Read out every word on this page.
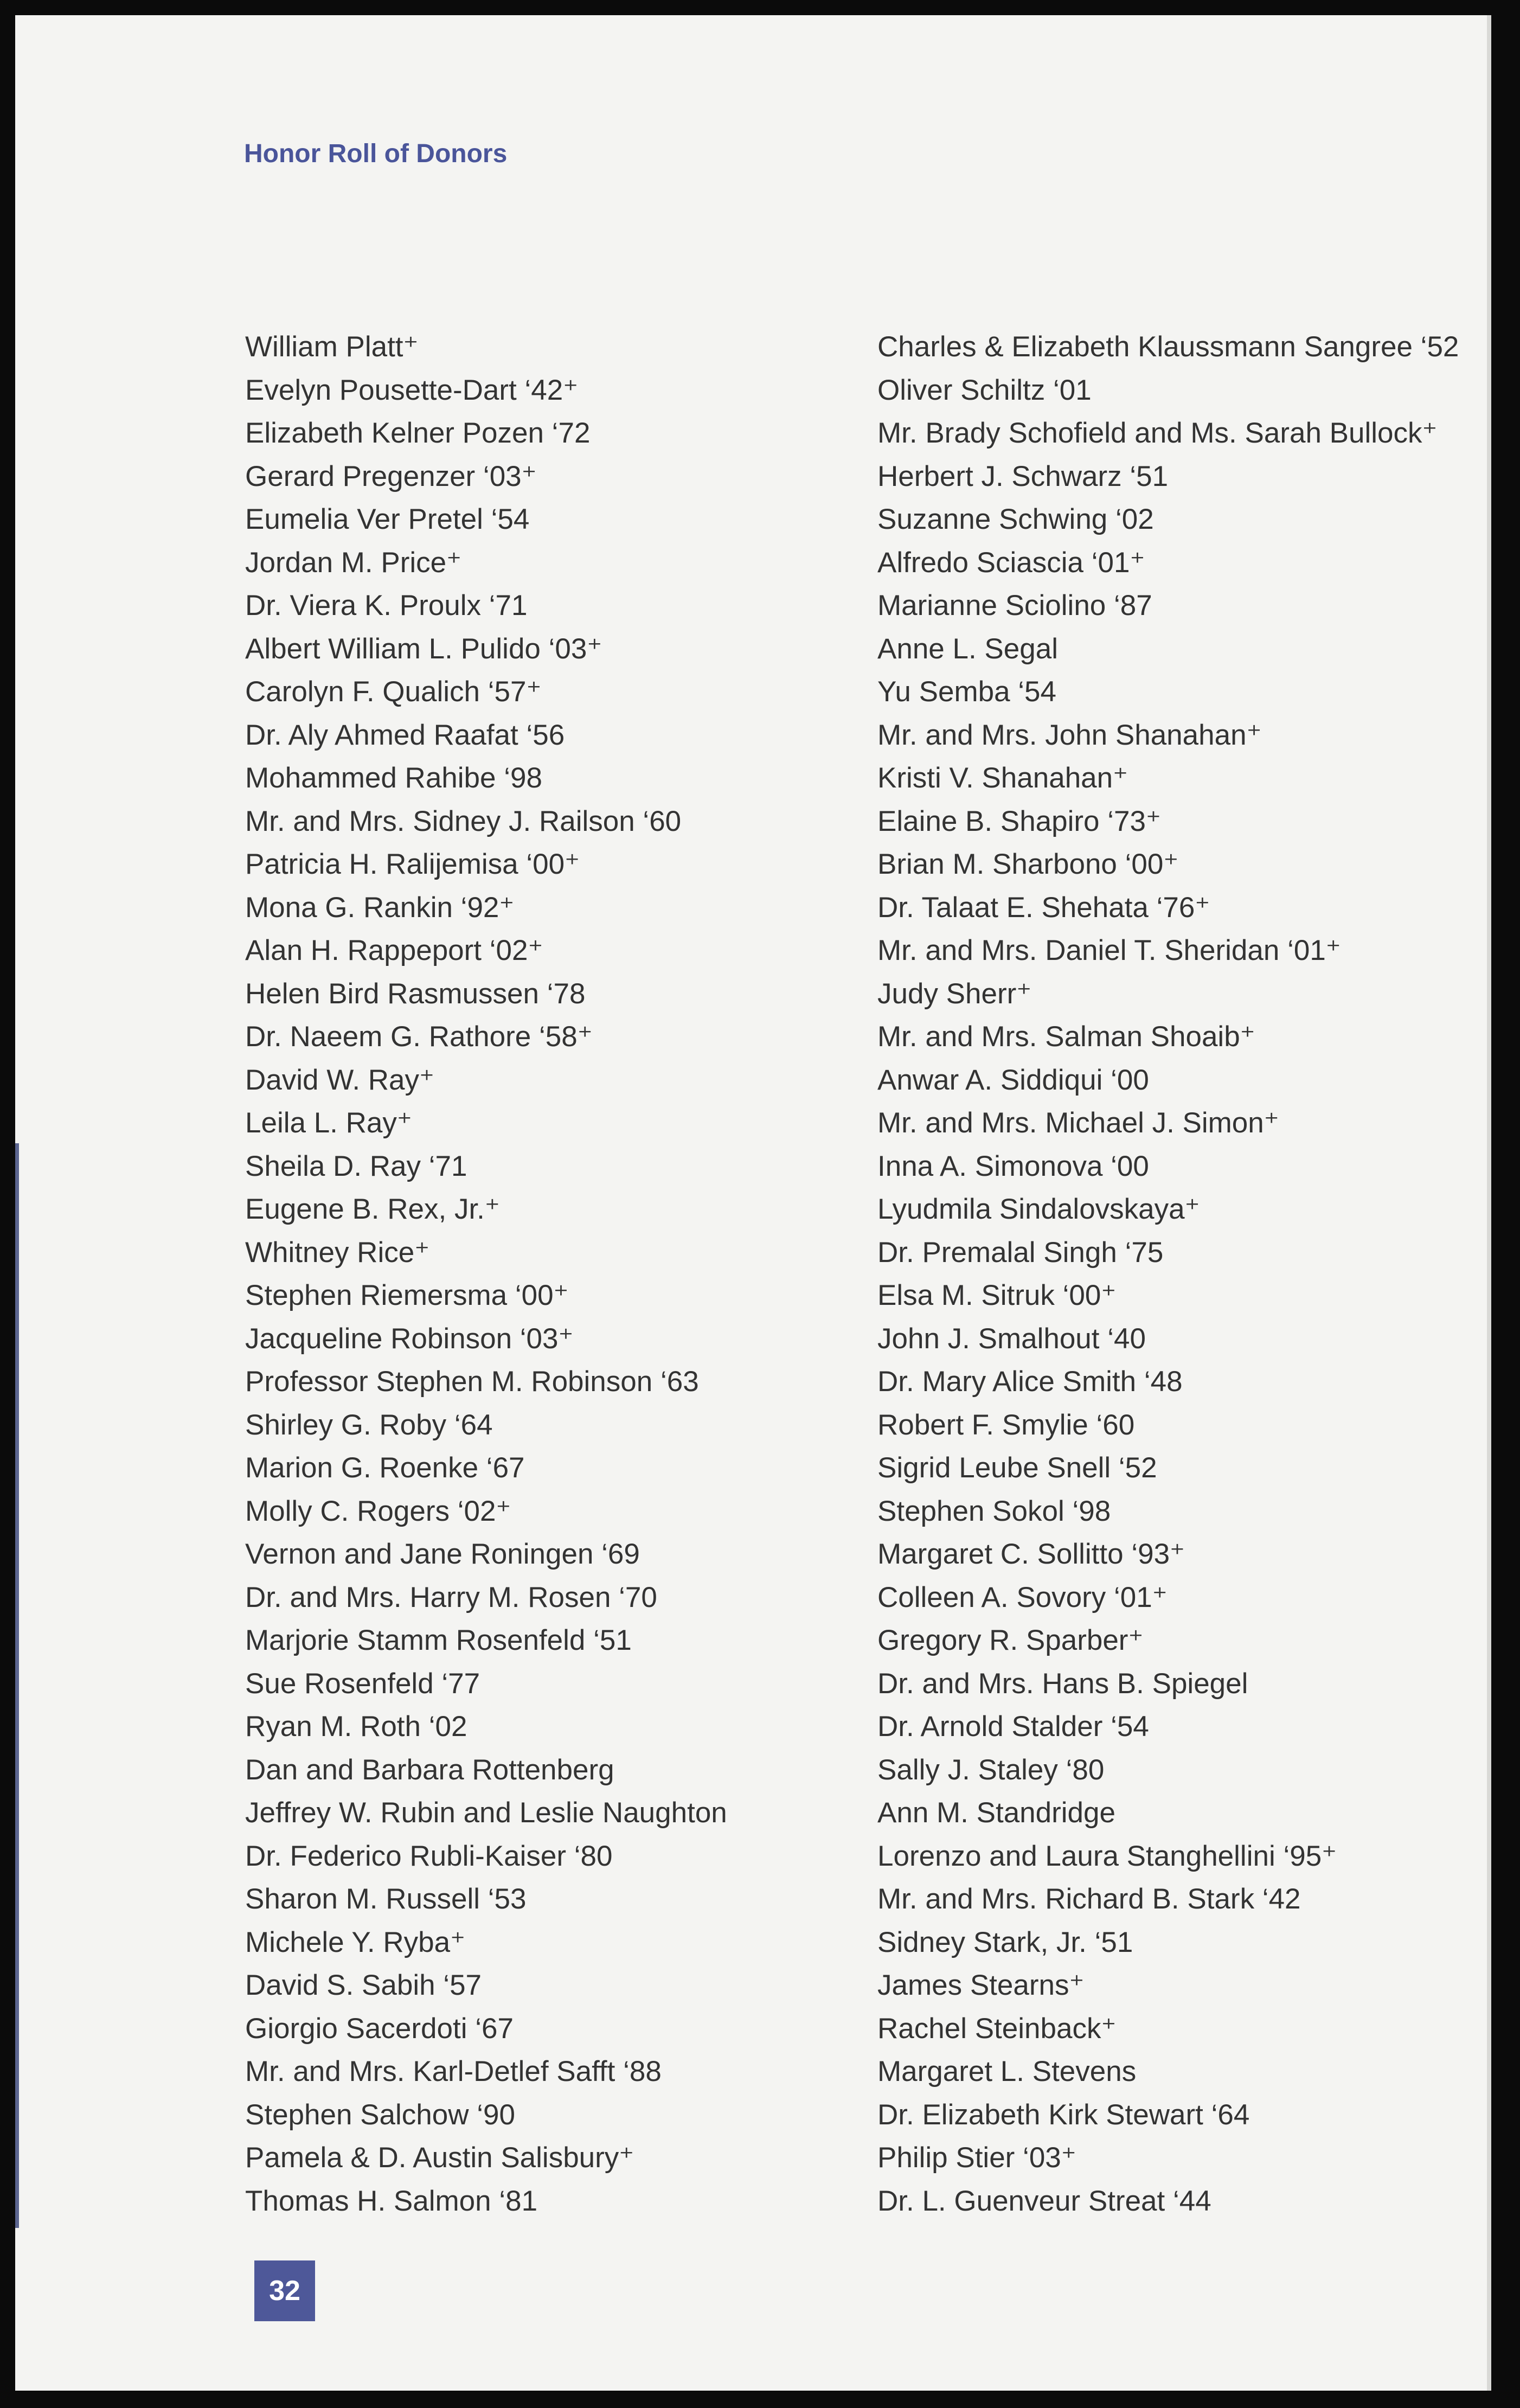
Honor Roll of Donors
William Platt⁺
Evelyn Pousette-Dart ‘42⁺
Elizabeth Kelner Pozen ‘72
Gerard Pregenzer ‘03⁺
Eumelia Ver Pretel ‘54
Jordan M. Price⁺
Dr. Viera K. Proulx ‘71
Albert William L. Pulido ‘03⁺
Carolyn F. Qualich ‘57⁺
Dr. Aly Ahmed Raafat ‘56
Mohammed Rahibe ‘98
Mr. and Mrs. Sidney J. Railson ‘60
Patricia H. Ralijemisa ‘00⁺
Mona G. Rankin ‘92⁺
Alan H. Rappeport ‘02⁺
Helen Bird Rasmussen ‘78
Dr. Naeem G. Rathore ‘58⁺
David W. Ray⁺
Leila L. Ray⁺
Sheila D. Ray ‘71
Eugene B. Rex, Jr.⁺
Whitney Rice⁺
Stephen Riemersma ‘00⁺
Jacqueline Robinson ‘03⁺
Professor Stephen M. Robinson ‘63
Shirley G. Roby ‘64
Marion G. Roenke ‘67
Molly C. Rogers ‘02⁺
Vernon and Jane Roningen ‘69
Dr. and Mrs. Harry M. Rosen ‘70
Marjorie Stamm Rosenfeld ‘51
Sue Rosenfeld ‘77
Ryan M. Roth ‘02
Dan and Barbara Rottenberg
Jeffrey W. Rubin and Leslie Naughton
Dr. Federico Rubli-Kaiser ‘80
Sharon M. Russell ‘53
Michele Y. Ryba⁺
David S. Sabih ‘57
Giorgio Sacerdoti ‘67
Mr. and Mrs. Karl-Detlef Safft ‘88
Stephen Salchow ‘90
Pamela & D. Austin Salisbury⁺
Thomas H. Salmon ‘81
Charles & Elizabeth Klaussmann Sangree ‘52
Oliver Schiltz ‘01
Mr. Brady Schofield and Ms. Sarah Bullock⁺
Herbert J. Schwarz ‘51
Suzanne Schwing ‘02
Alfredo Sciascia ‘01⁺
Marianne Sciolino ‘87
Anne L. Segal
Yu Semba ‘54
Mr. and Mrs. John Shanahan⁺
Kristi V. Shanahan⁺
Elaine B. Shapiro ‘73⁺
Brian M. Sharbono ‘00⁺
Dr. Talaat E. Shehata ‘76⁺
Mr. and Mrs. Daniel T. Sheridan ‘01⁺
Judy Sherr⁺
Mr. and Mrs. Salman Shoaib⁺
Anwar A. Siddiqui ‘00
Mr. and Mrs. Michael J. Simon⁺
Inna A. Simonova ‘00
Lyudmila Sindalovskaya⁺
Dr. Premalal Singh ‘75
Elsa M. Sitruk ‘00⁺
John J. Smalhout ‘40
Dr. Mary Alice Smith ‘48
Robert F. Smylie ‘60
Sigrid Leube Snell ‘52
Stephen Sokol ‘98
Margaret C. Sollitto ‘93⁺
Colleen A. Sovory ‘01⁺
Gregory R. Sparber⁺
Dr. and Mrs. Hans B. Spiegel
Dr. Arnold Stalder ‘54
Sally J. Staley ‘80
Ann M. Standridge
Lorenzo and Laura Stanghellini ‘95⁺
Mr. and Mrs. Richard B. Stark ‘42
Sidney Stark, Jr. ‘51
James Stearns⁺
Rachel Steinback⁺
Margaret L. Stevens
Dr. Elizabeth Kirk Stewart ‘64
Philip Stier ‘03⁺
Dr. L. Guenveur Streat ‘44
32
